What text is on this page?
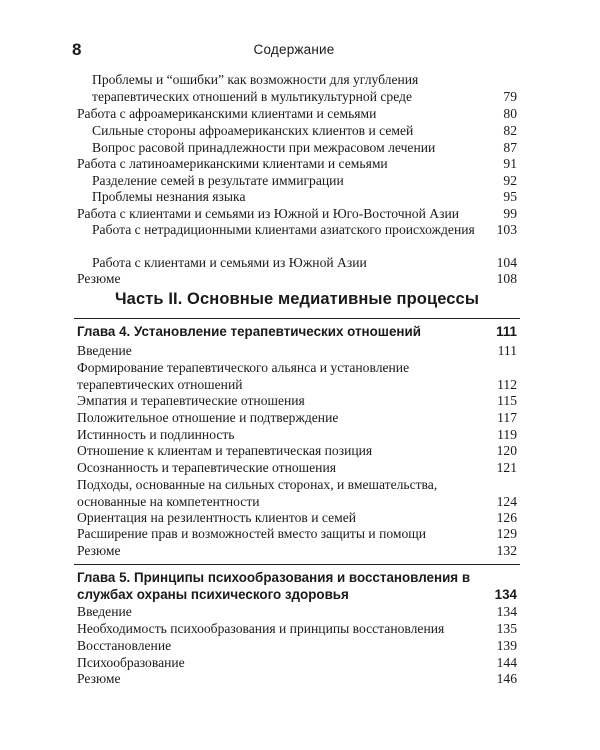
8	Содержание
Проблемы и “ошибки” как возможности для углубления терапевтических отношений в мультикультурной среде	79
Работа с афроамериканскими клиентами и семьями	80
Сильные стороны афроамериканских клиентов и семей	82
Вопрос расовой принадлежности при межрасовом лечении	87
Работа с латиноамериканскими клиентами и семьями	91
Разделение семей в результате иммиграции	92
Проблемы незнания языка	95
Работа с клиентами и семьями из Южной и Юго-Восточной Азии	99
Работа с нетрадиционными клиентами азиатского происхождения	103
Работа с клиентами и семьями из Южной Азии	104
Резюме	108
Часть II. Основные медиативные процессы
Глава 4. Установление терапевтических отношений	111
Введение	111
Формирование терапевтического альянса и установление терапевтических отношений	112
Эмпатия и терапевтические отношения	115
Положительное отношение и подтверждение	117
Истинность и подлинность	119
Отношение к клиентам и терапевтическая позиция	120
Осознанность и терапевтические отношения	121
Подходы, основанные на сильных сторонах, и вмешательства, основанные на компетентности	124
Ориентация на резилентность клиентов и семей	126
Расширение прав и возможностей вместо защиты и помощи	129
Резюме	132
Глава 5. Принципы психообразования и восстановления в службах охраны психического здоровья	134
Введение	134
Необходимость психообразования и принципы восстановления	135
Восстановление	139
Психообразование	144
Резюме	146
